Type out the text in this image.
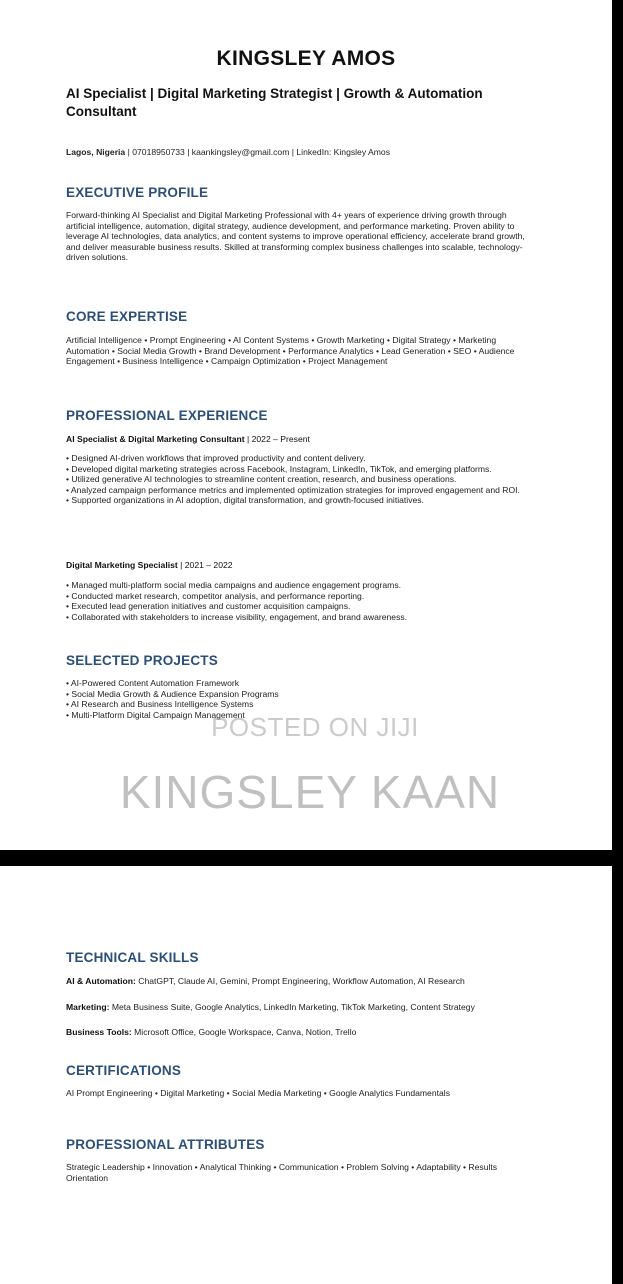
KINGSLEY AMOS
AI Specialist | Digital Marketing Strategist | Growth & Automation Consultant
Lagos, Nigeria | 07018950733 | kaankingsley@gmail.com | LinkedIn: Kingsley Amos
EXECUTIVE PROFILE
Forward-thinking AI Specialist and Digital Marketing Professional with 4+ years of experience driving growth through artificial intelligence, automation, digital strategy, audience development, and performance marketing. Proven ability to leverage AI technologies, data analytics, and content systems to improve operational efficiency, accelerate brand growth, and deliver measurable business results. Skilled at transforming complex business challenges into scalable, technology-driven solutions.
CORE EXPERTISE
Artificial Intelligence • Prompt Engineering • AI Content Systems • Growth Marketing • Digital Strategy • Marketing Automation • Social Media Growth • Brand Development • Performance Analytics • Lead Generation • SEO • Audience Engagement • Business Intelligence • Campaign Optimization • Project Management
PROFESSIONAL EXPERIENCE
AI Specialist & Digital Marketing Consultant | 2022 – Present
• Designed AI-driven workflows that improved productivity and content delivery.
• Developed digital marketing strategies across Facebook, Instagram, LinkedIn, TikTok, and emerging platforms.
• Utilized generative AI technologies to streamline content creation, research, and business operations.
• Analyzed campaign performance metrics and implemented optimization strategies for improved engagement and ROI.
• Supported organizations in AI adoption, digital transformation, and growth-focused initiatives.
Digital Marketing Specialist | 2021 – 2022
• Managed multi-platform social media campaigns and audience engagement programs.
• Conducted market research, competitor analysis, and performance reporting.
• Executed lead generation initiatives and customer acquisition campaigns.
• Collaborated with stakeholders to increase visibility, engagement, and brand awareness.
SELECTED PROJECTS
• AI-Powered Content Automation Framework
• Social Media Growth & Audience Expansion Programs
• AI Research and Business Intelligence Systems
• Multi-Platform Digital Campaign Management
POSTED ON JIJI
KINGSLEY KAAN
TECHNICAL SKILLS
AI & Automation: ChatGPT, Claude AI, Gemini, Prompt Engineering, Workflow Automation, AI Research
Marketing: Meta Business Suite, Google Analytics, LinkedIn Marketing, TikTok Marketing, Content Strategy
Business Tools: Microsoft Office, Google Workspace, Canva, Notion, Trello
CERTIFICATIONS
AI Prompt Engineering • Digital Marketing • Social Media Marketing • Google Analytics Fundamentals
PROFESSIONAL ATTRIBUTES
Strategic Leadership • Innovation • Analytical Thinking • Communication • Problem Solving • Adaptability • Results Orientation
